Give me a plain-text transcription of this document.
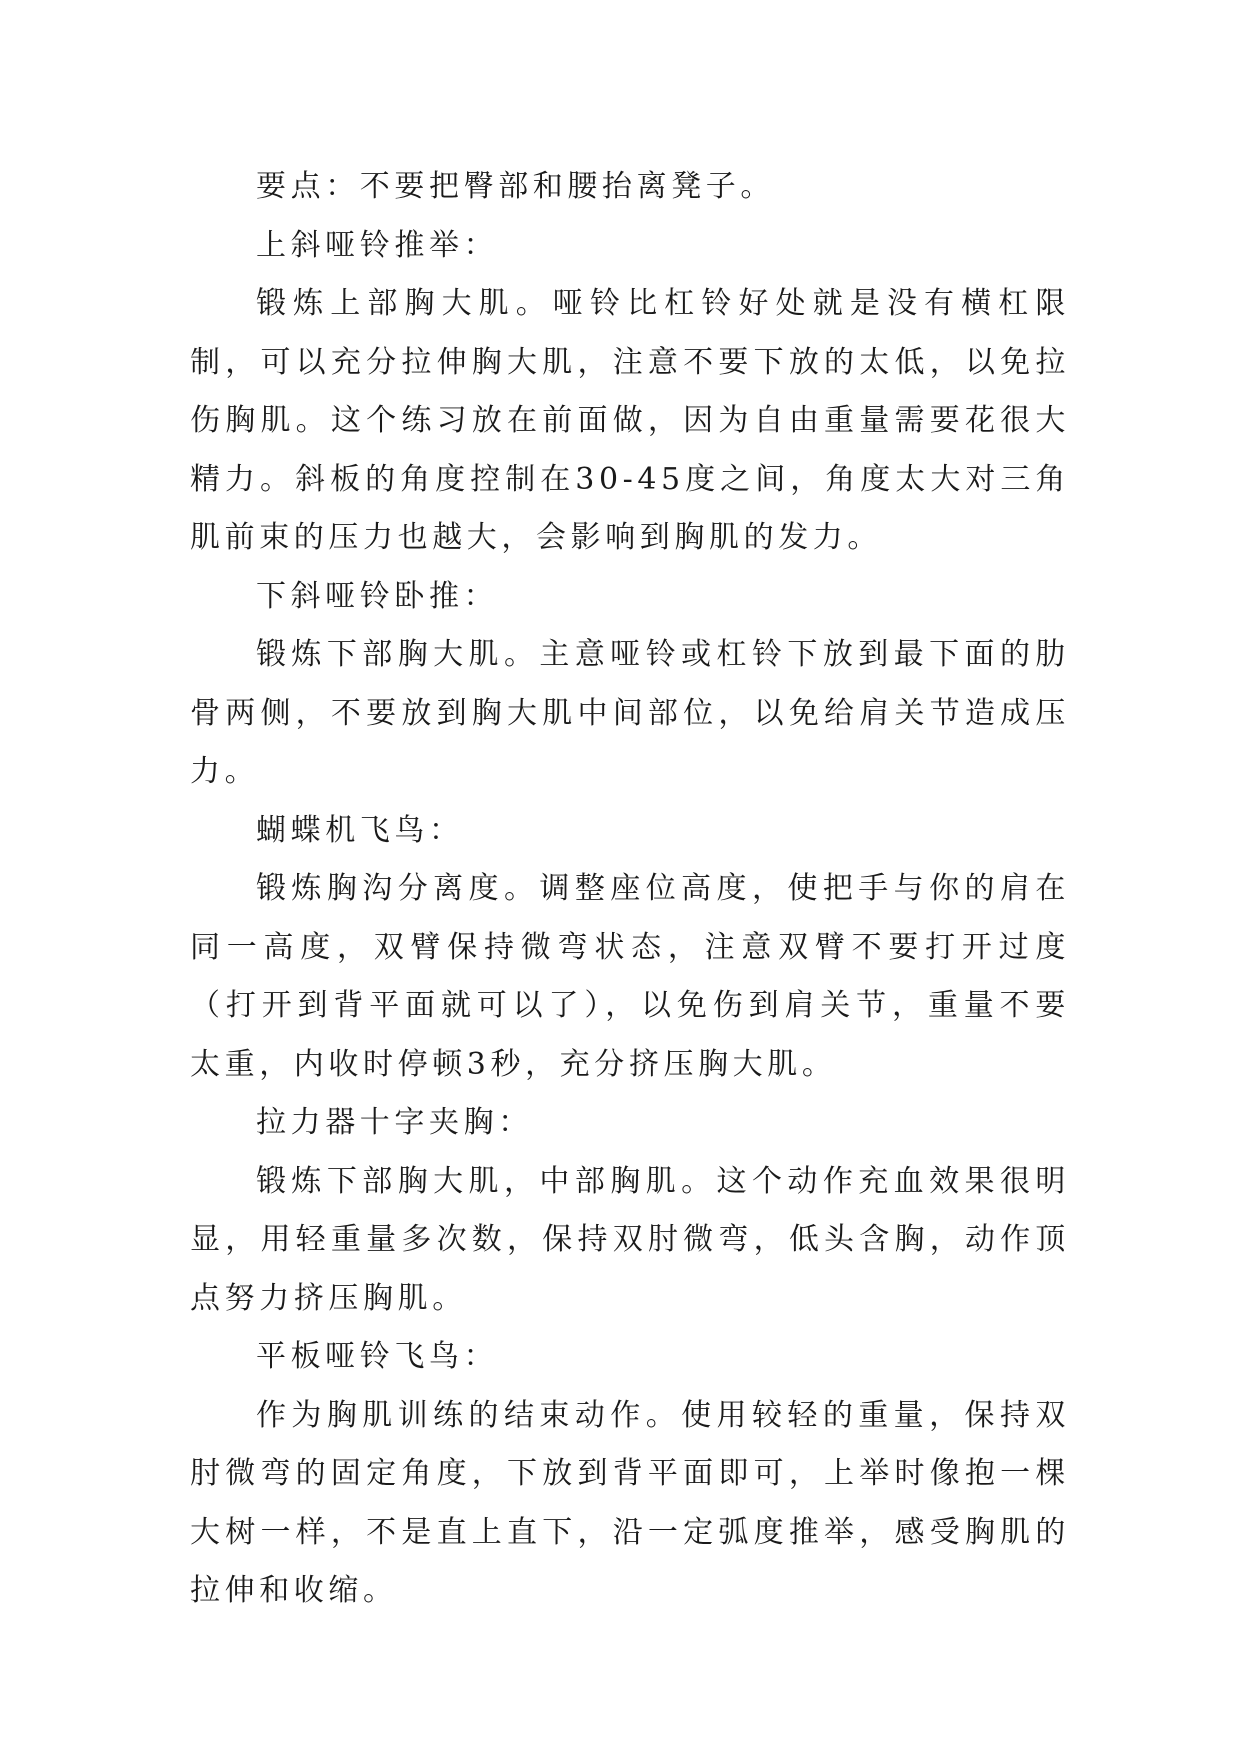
要点：不要把臀部和腰抬离凳子。

上斜哑铃推举：

锻炼上部胸大肌。哑铃比杠铃好处就是没有横杠限制，可以充分拉伸胸大肌，注意不要下放的太低，以免拉伤胸肌。这个练习放在前面做，因为自由重量需要花很大精力。斜板的角度控制在30-45度之间，角度太大对三角肌前束的压力也越大，会影响到胸肌的发力。

下斜哑铃卧推：

锻炼下部胸大肌。主意哑铃或杠铃下放到最下面的肋骨两侧，不要放到胸大肌中间部位，以免给肩关节造成压力。

蝴蝶机飞鸟：

锻炼胸沟分离度。调整座位高度，使把手与你的肩在同一高度，双臂保持微弯状态，注意双臂不要打开过度（打开到背平面就可以了），以免伤到肩关节，重量不要太重，内收时停顿3秒，充分挤压胸大肌。

拉力器十字夹胸：

锻炼下部胸大肌，中部胸肌。这个动作充血效果很明显，用轻重量多次数，保持双肘微弯，低头含胸，动作顶点努力挤压胸肌。

平板哑铃飞鸟：

作为胸肌训练的结束动作。使用较轻的重量，保持双肘微弯的固定角度，下放到背平面即可，上举时像抱一棵大树一样，不是直上直下，沿一定弧度推举，感受胸肌的拉伸和收缩。
